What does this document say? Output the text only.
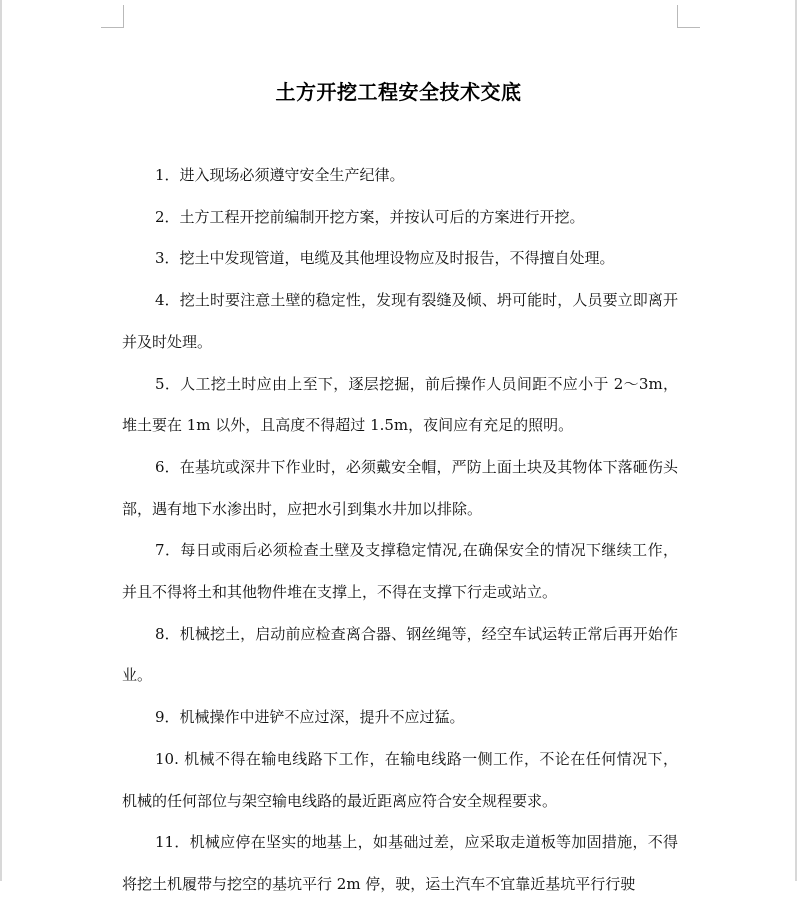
土方开挖工程安全技术交底

1．进入现场必须遵守安全生产纪律。

2．土方工程开挖前编制开挖方案，并按认可后的方案进行开挖。

3．挖土中发现管道，电缆及其他埋设物应及时报告，不得擅自处理。

4．挖土时要注意土壁的稳定性，发现有裂缝及倾、坍可能时，人员要立即离开并及时处理。

5．人工挖土时应由上至下，逐层挖掘，前后操作人员间距不应小于 2～3m，堆土要在 1m 以外，且高度不得超过 1.5m，夜间应有充足的照明。

6．在基坑或深井下作业时，必须戴安全帽，严防上面土块及其物体下落砸伤头部，遇有地下水渗出时，应把水引到集水井加以排除。

7．每日或雨后必须检查土壁及支撑稳定情况,在确保安全的情况下继续工作，并且不得将土和其他物件堆在支撑上，不得在支撑下行走或站立。

8．机械挖土，启动前应检查离合器、钢丝绳等，经空车试运转正常后再开始作业。

9．机械操作中进铲不应过深，提升不应过猛。

10. 机械不得在输电线路下工作，在输电线路一侧工作，不论在任何情况下，机械的任何部位与架空输电线路的最近距离应符合安全规程要求。

11．机械应停在坚实的地基上，如基础过差，应采取走道板等加固措施，不得将挖土机履带与挖空的基坑平行 2m 停，驶，运土汽车不宜靠近基坑平行行驶
